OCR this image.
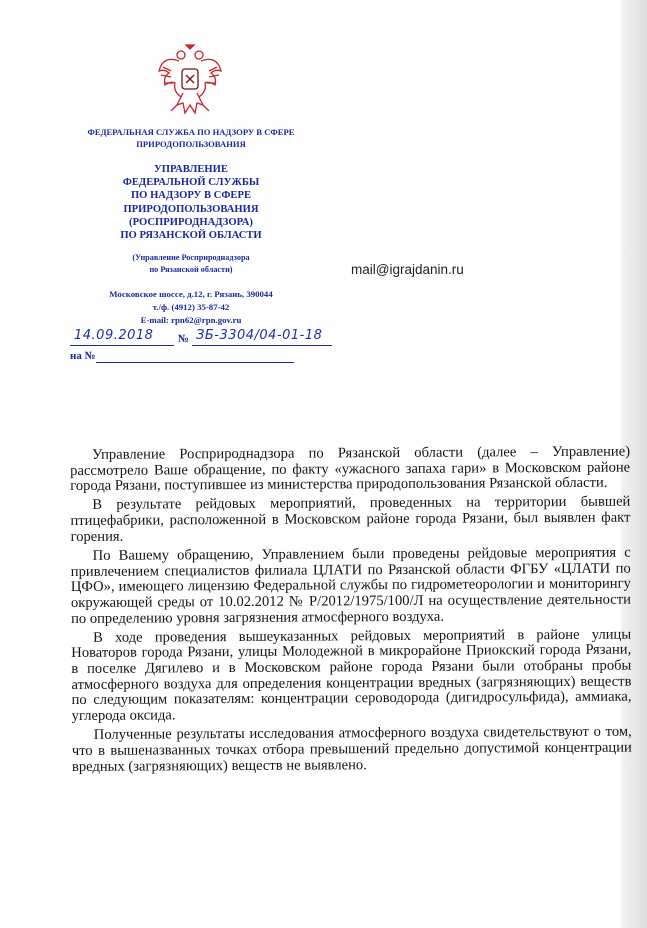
ФЕДЕРАЛЬНАЯ СЛУЖБА ПО НАДЗОРУ В СФЕРЕ ПРИРОДОПОЛЬЗОВАНИЯ
УПРАВЛЕНИЕ
ФЕДЕРАЛЬНОЙ СЛУЖБЫ
ПО НАДЗОРУ В СФЕРЕ
ПРИРОДОПОЛЬЗОВАНИЯ
(РОСПРИРОДНАДЗОРА)
ПО РЯЗАНСКОЙ ОБЛАСТИ
(Управление Росприроднадзора
по Рязанской области)
Московское шоссе, д.12, г. Рязань, 390044
т./ф. (4912) 35-87-42
E-mail: rpn62@rpn.gov.ru
14.09.2018 № ЗБ-3304/04-01-18
на №
mail@igrajdanin.ru

Управление Росприроднадзора по Рязанской области (далее – Управление) рассмотрело Ваше обращение, по факту «ужасного запаха гари» в Московском районе города Рязани, поступившее из министерства природопользования Рязанской области.

В результате рейдовых мероприятий, проведенных на территории бывшей птицефабрики, расположенной в Московском районе города Рязани, был выявлен факт горения.

По Вашему обращению, Управлением были проведены рейдовые мероприятия с привлечением специалистов филиала ЦЛАТИ по Рязанской области ФГБУ «ЦЛАТИ по ЦФО», имеющего лицензию Федеральной службы по гидрометеорологии и мониторингу окружающей среды от 10.02.2012 № Р/2012/1975/100/Л на осуществление деятельности по определению уровня загрязнения атмосферного воздуха.

В ходе проведения вышеуказанных рейдовых мероприятий в районе улицы Новаторов города Рязани, улицы Молодежной в микрорайоне Приокский города Рязани, в поселке Дягилево и в Московском районе города Рязани были отобраны пробы атмосферного воздуха для определения концентрации вредных (загрязняющих) веществ по следующим показателям: концентрации сероводорода (дигидросульфида), аммиака, углерода оксида.

Полученные результаты исследования атмосферного воздуха свидетельствуют о том, что в вышеназванных точках отбора превышений предельно допустимой концентрации вредных (загрязняющих) веществ не выявлено.
